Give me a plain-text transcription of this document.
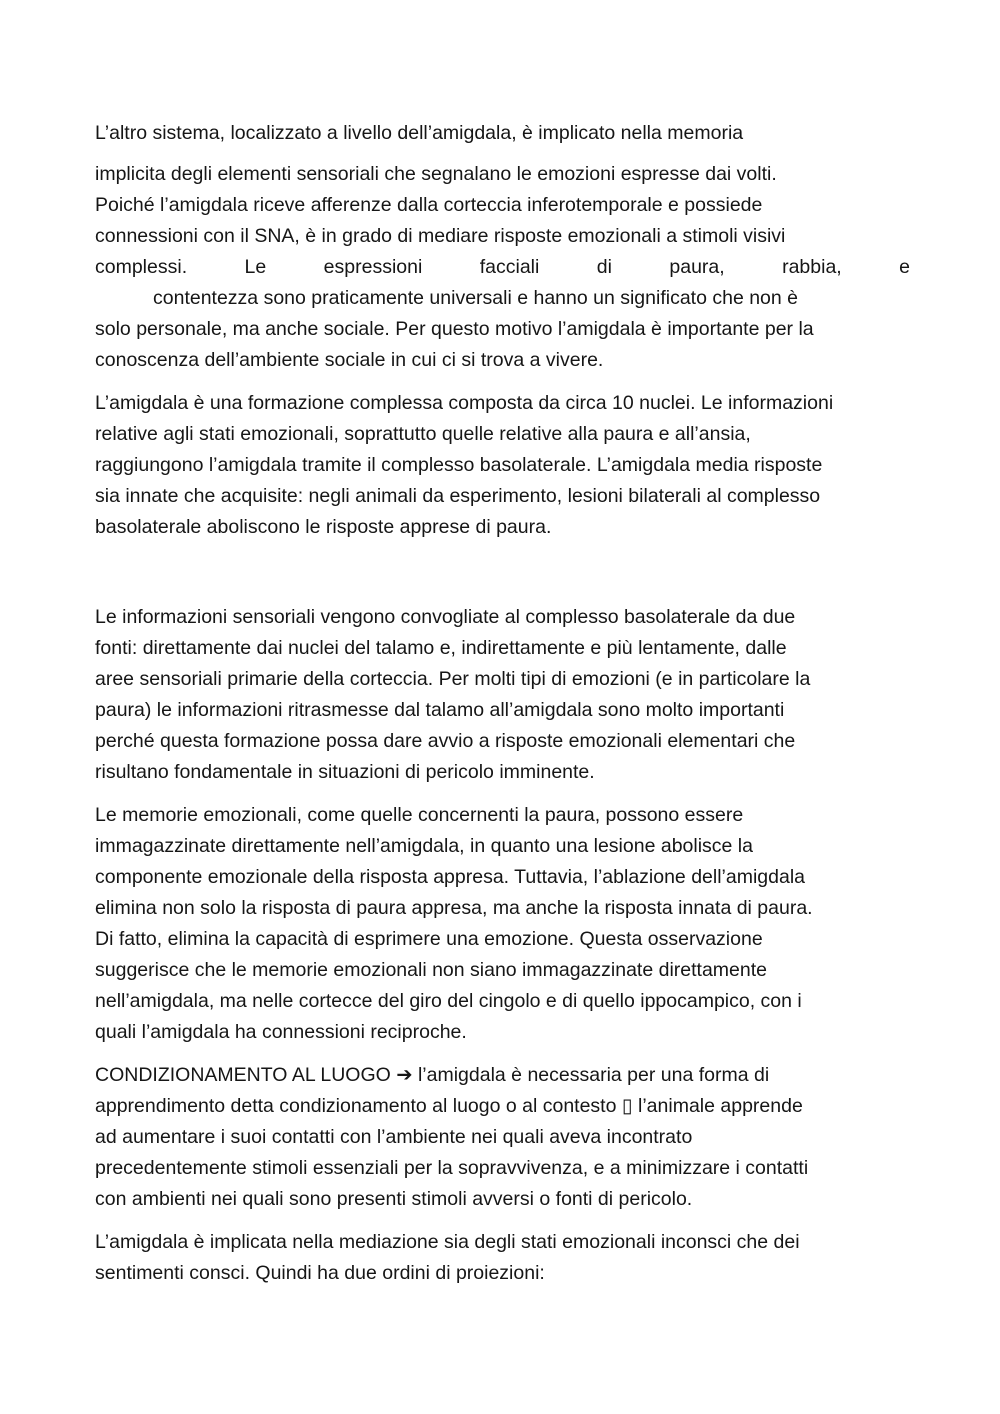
L’altro sistema, localizzato a livello dell’amigdala, è implicato nella memoria
implicita degli elementi sensoriali che segnalano le emozioni espresse dai volti.
Poiché l’amigdala riceve afferenze dalla corteccia inferotemporale e possiede
connessioni con il SNA, è in grado di mediare risposte emozionali a stimoli visivi
complessi.	Le	espressioni	facciali	di	paura,	rabbia,	e
contentezza sono praticamente universali e hanno un significato che non è
solo personale, ma anche sociale. Per questo motivo l’amigdala è importante per la
conoscenza dell’ambiente sociale in cui ci si trova a vivere.
L’amigdala è una formazione complessa composta da circa 10 nuclei. Le informazioni
relative agli stati emozionali, soprattutto quelle relative alla paura e all’ansia,
raggiungono l’amigdala tramite il complesso basolaterale. L’amigdala media risposte
sia innate che acquisite: negli animali da esperimento, lesioni bilaterali al complesso
basolaterale aboliscono le risposte apprese di paura.
Le informazioni sensoriali vengono convogliate al complesso basolaterale da due
fonti: direttamente dai nuclei del talamo e, indirettamente e più lentamente, dalle
aree sensoriali primarie della corteccia. Per molti tipi di emozioni (e in particolare la
paura) le informazioni ritrasmesse dal talamo all’amigdala sono molto importanti
perché questa formazione possa dare avvio a risposte emozionali elementari che
risultano fondamentale in situazioni di pericolo imminente.
Le memorie emozionali, come quelle concernenti la paura, possono essere
immagazzinate direttamente nell’amigdala, in quanto una lesione abolisce la
componente emozionale della risposta appresa. Tuttavia, l’ablazione dell’amigdala
elimina non solo la risposta di paura appresa, ma anche la risposta innata di paura.
Di fatto, elimina la capacità di esprimere una emozione. Questa osservazione
suggerisce che le memorie emozionali non siano immagazzinate direttamente
nell’amigdala, ma nelle cortecce del giro del cingolo e di quello ippocampico, con i
quali l’amigdala ha connessioni reciproche.
CONDIZIONAMENTO AL LUOGO ➔ l’amigdala è necessaria per una forma di
apprendimento detta condizionamento al luogo o al contesto ▯ l’animale apprende
ad aumentare i suoi contatti con l’ambiente nei quali aveva incontrato
precedentemente stimoli essenziali per la sopravvivenza, e a minimizzare i contatti
con ambienti nei quali sono presenti stimoli avversi o fonti di pericolo.
L’amigdala è implicata nella mediazione sia degli stati emozionali inconsci che dei
sentimenti consci. Quindi ha due ordini di proiezioni:
